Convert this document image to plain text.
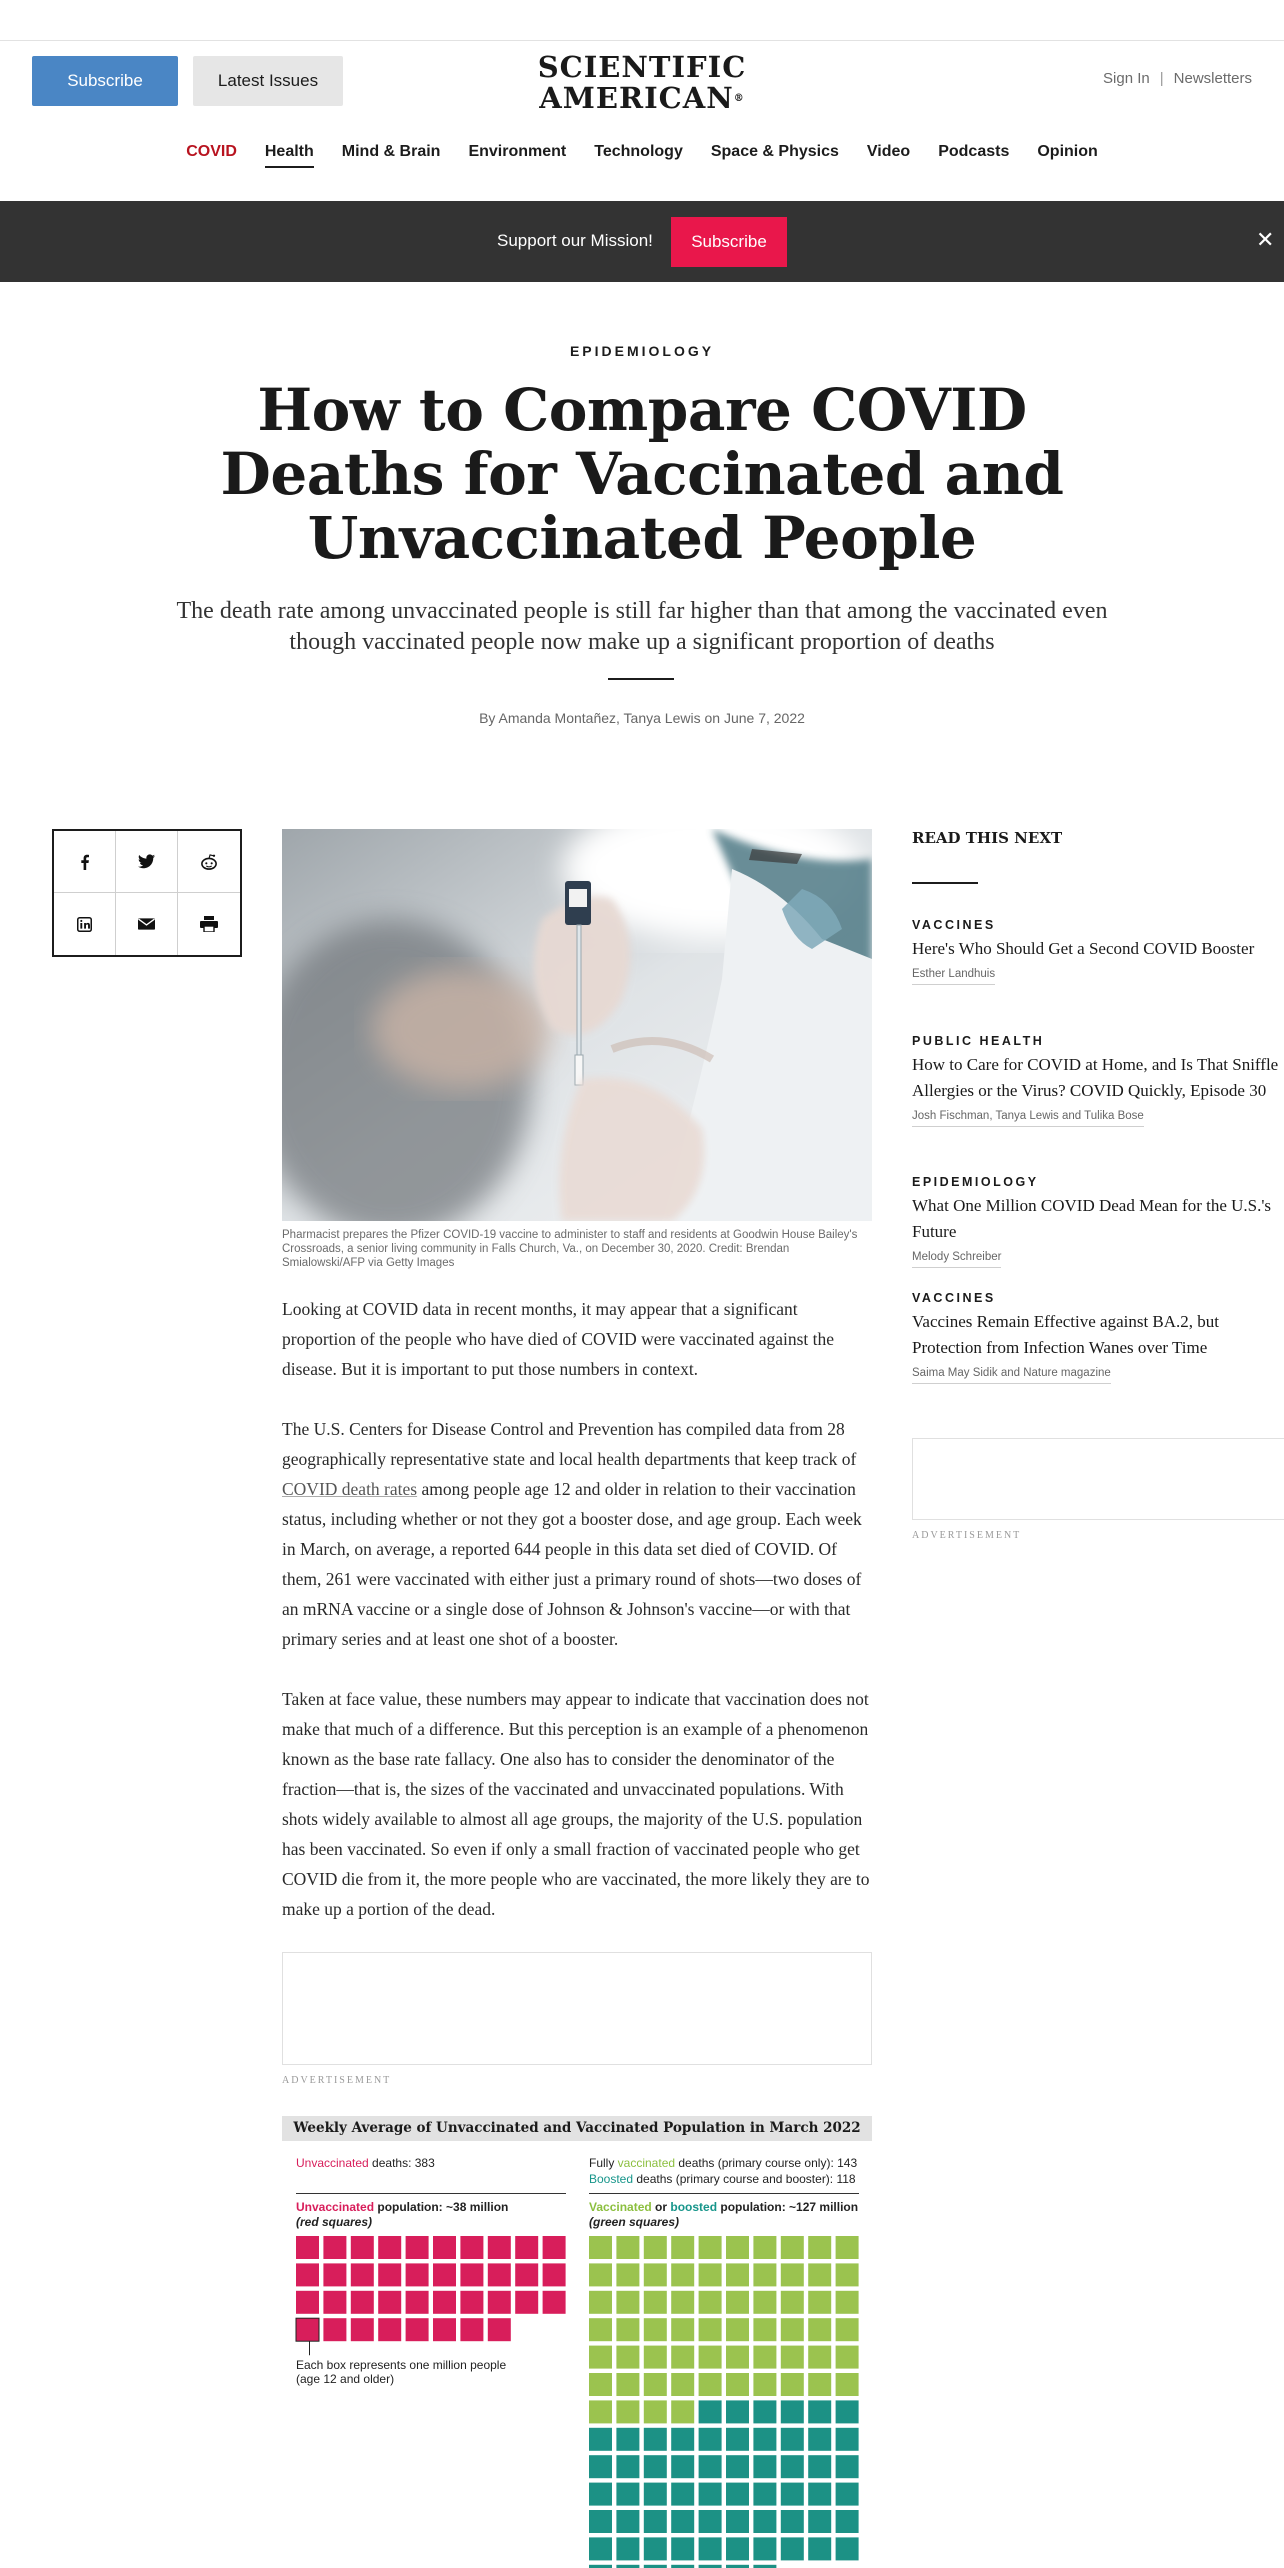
Subscribe	Latest Issues	SCIENTIFIC
AMERICAN®
Sign In | Newsletters
COVID Health Mind & Brain Environment Technology Space & Physics Video Podcasts Opinion
Support our Mission!	Subscribe	✕
EPIDEMIOLOGY
How to Compare COVID Deaths for Vaccinated and Unvaccinated People

The death rate among unvaccinated people is still far higher than that among the vaccinated even though vaccinated people now make up a significant proportion of deaths

By Amanda Montañez, Tanya Lewis on June 7, 2022
Pharmacist prepares the Pfizer COVID-19 vaccine to administer to staff and residents at Goodwin House Bailey's Crossroads, a senior living community in Falls Church, Va., on December 30, 2020. Credit: Brendan Smialowski/AFP via Getty Images

Looking at COVID data in recent months, it may appear that a significant proportion of the people who have died of COVID were vaccinated against the disease. But it is important to put those numbers in context.

The U.S. Centers for Disease Control and Prevention has compiled data from 28 geographically representative state and local health departments that keep track of COVID death rates among people age 12 and older in relation to their vaccination status, including whether or not they got a booster dose, and age group. Each week in March, on average, a reported 644 people in this data set died of COVID. Of them, 261 were vaccinated with either just a primary round of shots—two doses of an mRNA vaccine or a single dose of Johnson & Johnson's vaccine—or with that primary series and at least one shot of a booster.

Taken at face value, these numbers may appear to indicate that vaccination does not make that much of a difference. But this perception is an example of a phenomenon known as the base rate fallacy. One also has to consider the denominator of the fraction—that is, the sizes of the vaccinated and unvaccinated populations. With shots widely available to almost all age groups, the majority of the U.S. population has been vaccinated. So even if only a small fraction of vaccinated people who get COVID die from it, the more people who are vaccinated, the more likely they are to make up a portion of the dead.

ADVERTISEMENT
Weekly Average of Unvaccinated and Vaccinated Population in March 2022
Unvaccinated deaths: 383	Fully vaccinated deaths (primary course only): 143
Boosted deaths (primary course and booster): 118
Unvaccinated population: ~38 million
(red squares)
Vaccinated or boosted population: ~127 million
(green squares)
Each box represents one million people
(age 12 and older)
READ THIS NEXT
VACCINES
Here's Who Should Get a Second COVID Booster
Esther Landhuis
PUBLIC HEALTH
How to Care for COVID at Home, and Is That Sniffle Allergies or the Virus? COVID Quickly, Episode 30
Josh Fischman, Tanya Lewis and Tulika Bose
EPIDEMIOLOGY
What One Million COVID Dead Mean for the U.S.'s Future
Melody Schreiber
VACCINES
Vaccines Remain Effective against BA.2, but Protection from Infection Wanes over Time
Saima May Sidik and Nature magazine
ADVERTISEMENT
